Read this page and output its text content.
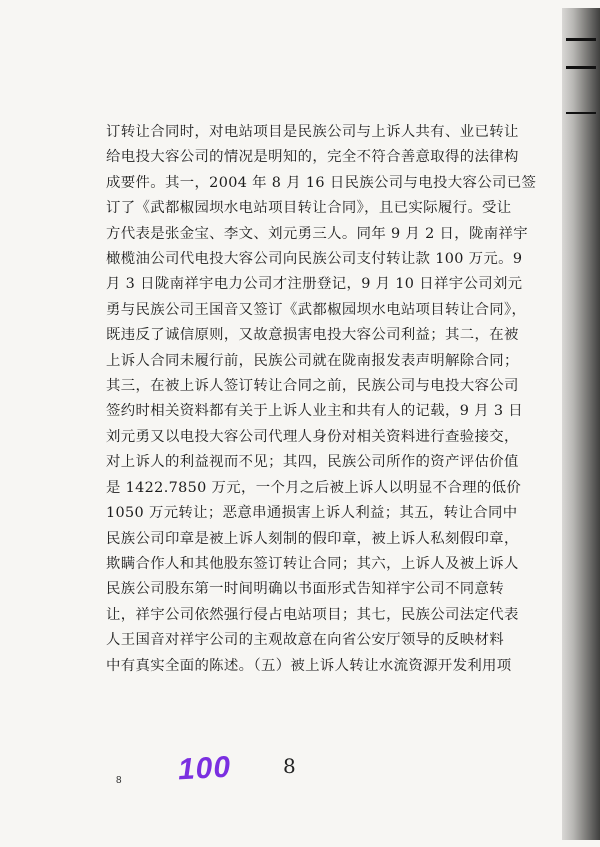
订转让合同时，对电站项目是民族公司与上诉人共有、业已转让
给电投大容公司的情况是明知的，完全不符合善意取得的法律构
成要件。其一，2004 年 8 月 16 日民族公司与电投大容公司已签
订了《武都椒园坝水电站项目转让合同》，且已实际履行。受让
方代表是张金宝、李文、刘元勇三人。同年 9 月 2 日，陇南祥宇
橄榄油公司代电投大容公司向民族公司支付转让款 100 万元。9
月 3 日陇南祥宇电力公司才注册登记，9 月 10 日祥宇公司刘元
勇与民族公司王国音又签订《武都椒园坝水电站项目转让合同》，
既违反了诚信原则，又故意损害电投大容公司利益；其二，在被
上诉人合同未履行前，民族公司就在陇南报发表声明解除合同；
其三，在被上诉人签订转让合同之前，民族公司与电投大容公司
签约时相关资料都有关于上诉人业主和共有人的记载，9 月 3 日
刘元勇又以电投大容公司代理人身份对相关资料进行查验接交，
对上诉人的利益视而不见；其四，民族公司所作的资产评估价值
是 1422.7850 万元，一个月之后被上诉人以明显不合理的低价
1050 万元转让；恶意串通损害上诉人利益；其五，转让合同中
民族公司印章是被上诉人刻制的假印章，被上诉人私刻假印章，
欺瞒合作人和其他股东签订转让合同；其六，上诉人及被上诉人
民族公司股东第一时间明确以书面形式告知祥宇公司不同意转
让，祥宇公司依然强行侵占电站项目；其七，民族公司法定代表
人王国音对祥宇公司的主观故意在向省公安厅领导的反映材料
中有真实全面的陈述。（五）被上诉人转让水流资源开发利用项
8 100	8
